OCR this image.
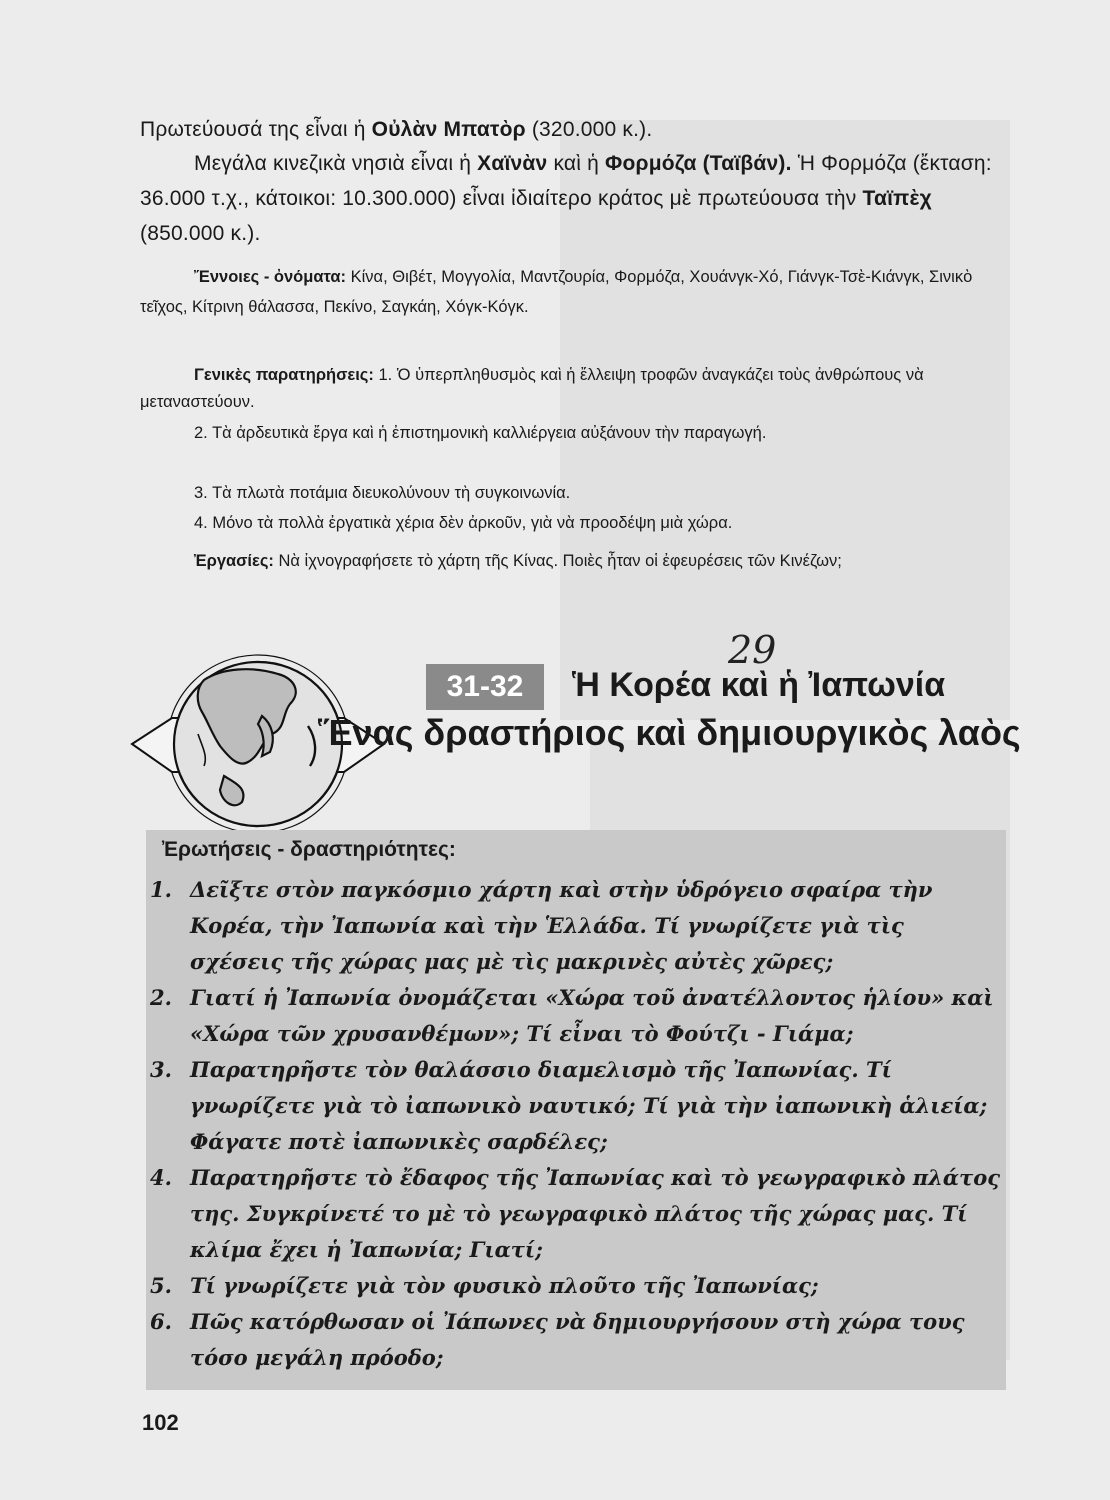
Πρωτεύουσά της εἶναι ἡ Οὐλὰν Μπατὸρ (320.000 κ.).

Μεγάλα κινεζικὰ νησιὰ εἶναι ἡ Χαϊνὰν καὶ ἡ Φορμόζα (Ταϊβάν). Ἡ Φορμόζα (ἔκταση: 36.000 τ.χ., κάτοικοι: 10.300.000) εἶναι ἰδιαίτερο κράτος μὲ πρωτεύουσα τὴν Ταϊπὲχ (850.000 κ.).

Ἔννοιες - ὀνόματα: Κίνα, Θιβέτ, Μογγολία, Μαντζουρία, Φορμόζα, Χουάνγκ-Χό, Γιάνγκ-Τσὲ-Κιάνγκ, Σινικὸ τεῖχος, Κίτρινη θάλασσα, Πεκίνο, Σαγκάη, Χόγκ-Κόγκ.

Γενικὲς παρατηρήσεις: 1. Ὁ ὑπερπληθυσμὸς καὶ ἡ ἔλλειψη τροφῶν ἀναγκάζει τοὺς ἀνθρώπους νὰ μεταναστεύουν.

2. Τὰ ἀρδευτικὰ ἔργα καὶ ἡ ἐπιστημονικὴ καλλιέργεια αὐξάνουν τὴν παραγωγή.

3. Τὰ πλωτὰ ποτάμια διευκολύνουν τὴ συγκοινωνία.

4. Μόνο τὰ πολλὰ ἐργατικὰ χέρια δὲν ἀρκοῦν, γιὰ νὰ προοδέψη μιὰ χώρα.

Ἐργασίες: Νὰ ἰχνογραφήσετε τὸ χάρτη τῆς Κίνας. Ποιὲς ἦταν οἱ ἐφευρέσεις τῶν Κινέζων;

29
31-32	Ἡ Κορέα καὶ ἡ Ἰαπωνία
Ἕνας δραστήριος καὶ δημιουργικὸς λαὸς

Ἐρωτήσεις - δραστηριότητες:

1. Δεῖξτε στὸν παγκόσμιο χάρτη καὶ στὴν ὑδρόγειο σφαίρα τὴν Κορέα, τὴν Ἰαπωνία καὶ τὴν Ἑλλάδα. Τί γνωρίζετε γιὰ τὶς σχέσεις τῆς χώρας μας μὲ τὶς μακρινὲς αὐτὲς χῶρες;
2. Γιατί ἡ Ἰαπωνία ὀνομάζεται «Χώρα τοῦ ἀνατέλλοντος ἡλίου» καὶ «Χώρα τῶν χρυσανθέμων»; Τί εἶναι τὸ Φούτζι - Γιάμα;
3. Παρατηρῆστε τὸν θαλάσσιο διαμελισμὸ τῆς Ἰαπωνίας. Τί γνωρίζετε γιὰ τὸ ἰαπωνικὸ ναυτικό; Τί γιὰ τὴν ἰαπωνικὴ ἁλιεία; Φάγατε ποτὲ ἰαπωνικὲς σαρδέλες;
4. Παρατηρῆστε τὸ ἔδαφος τῆς Ἰαπωνίας καὶ τὸ γεωγραφικὸ πλάτος της. Συγκρίνετέ το μὲ τὸ γεωγραφικὸ πλάτος τῆς χώρας μας. Τί κλίμα ἔχει ἡ Ἰαπωνία; Γιατί;
5. Τί γνωρίζετε γιὰ τὸν φυσικὸ πλοῦτο τῆς Ἰαπωνίας;
6. Πῶς κατόρθωσαν οἱ Ἰάπωνες νὰ δημιουργήσουν στὴ χώρα τους τόσο μεγάλη πρόοδο;

102
